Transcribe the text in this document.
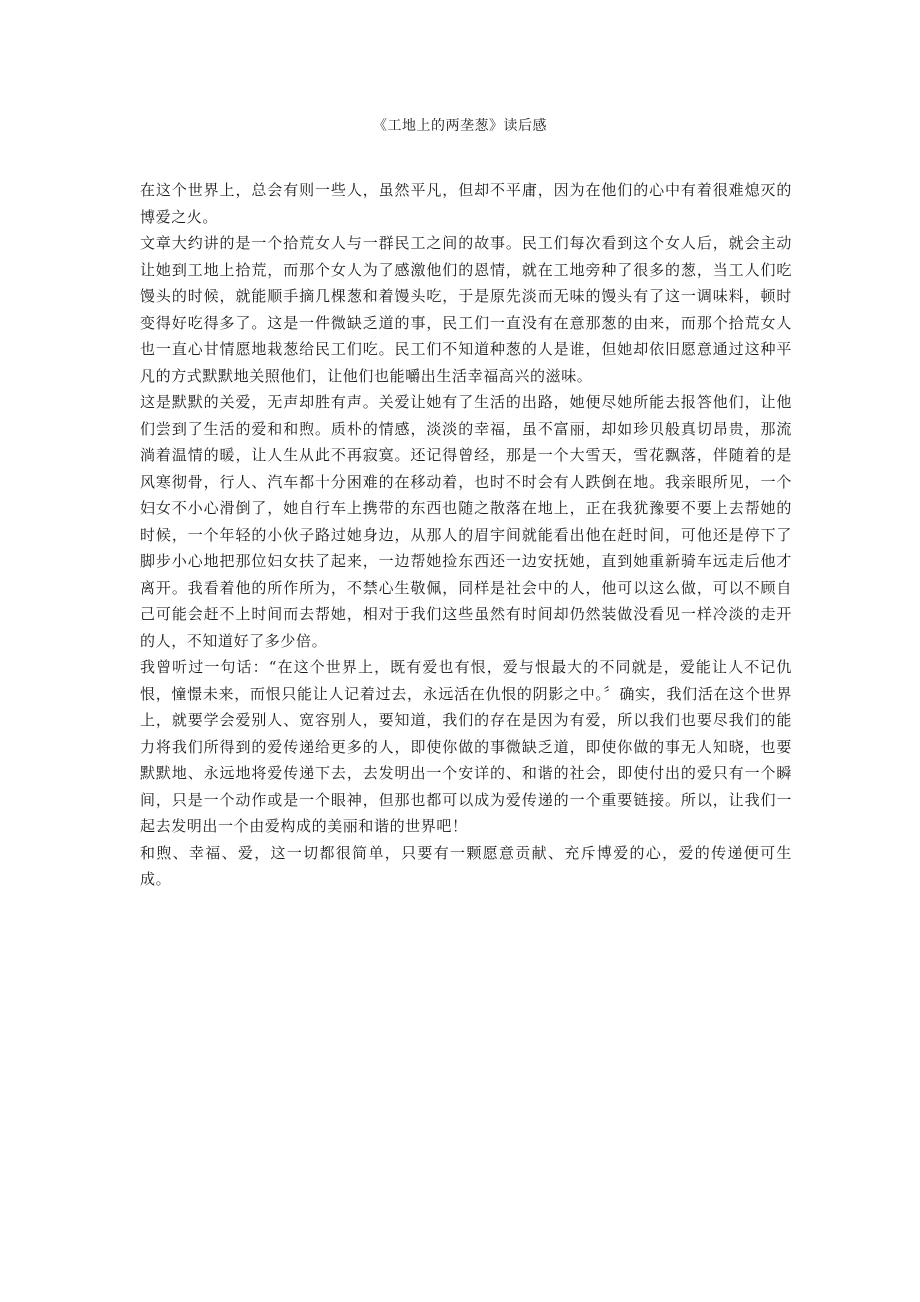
《工地上的两垄葱》读后感

在这个世界上，总会有则一些人，虽然平凡，但却不平庸，因为在他们的心中有着很难熄灭的博爱之火。

文章大约讲的是一个拾荒女人与一群民工之间的故事。民工们每次看到这个女人后，就会主动让她到工地上拾荒，而那个女人为了感激他们的恩情，就在工地旁种了很多的葱，当工人们吃馒头的时候，就能顺手摘几棵葱和着馒头吃，于是原先淡而无味的馒头有了这一调味料，顿时变得好吃得多了。这是一件微缺乏道的事，民工们一直没有在意那葱的由来，而那个拾荒女人也一直心甘情愿地栽葱给民工们吃。民工们不知道种葱的人是谁，但她却依旧愿意通过这种平凡的方式默默地关照他们，让他们也能嚼出生活幸福高兴的滋味。

这是默默的关爱，无声却胜有声。关爱让她有了生活的出路，她便尽她所能去报答他们，让他们尝到了生活的爱和和煦。质朴的情感，淡淡的幸福，虽不富丽，却如珍贝般真切昂贵，那流淌着温情的暖，让人生从此不再寂寞。还记得曾经，那是一个大雪天，雪花飘落，伴随着的是风寒彻骨，行人、汽车都十分困难的在移动着，也时不时会有人跌倒在地。我亲眼所见，一个妇女不小心滑倒了，她自行车上携带的东西也随之散落在地上，正在我犹豫要不要上去帮她的时候，一个年轻的小伙子路过她身边，从那人的眉宇间就能看出他在赶时间，可他还是停下了脚步小心地把那位妇女扶了起来，一边帮她捡东西还一边安抚她，直到她重新骑车远走后他才离开。我看着他的所作所为，不禁心生敬佩，同样是社会中的人，他可以这么做，可以不顾自己可能会赶不上时间而去帮她，相对于我们这些虽然有时间却仍然装做没看见一样冷淡的走开的人，不知道好了多少倍。

我曾听过一句话：“在这个世界上，既有爱也有恨，爱与恨最大的不同就是，爱能让人不记仇恨，憧憬未来，而恨只能让人记着过去，永远活在仇恨的阴影之中。〞确实，我们活在这个世界上，就要学会爱别人、宽容别人，要知道，我们的存在是因为有爱，所以我们也要尽我们的能力将我们所得到的爱传递给更多的人，即使你做的事微缺乏道，即使你做的事无人知晓，也要默默地、永远地将爱传递下去，去发明出一个安详的、和谐的社会，即使付出的爱只有一个瞬间，只是一个动作或是一个眼神，但那也都可以成为爱传递的一个重要链接。所以，让我们一起去发明出一个由爱构成的美丽和谐的世界吧！

和煦、幸福、爱，这一切都很简单，只要有一颗愿意贡献、充斥博爱的心，爱的传递便可生成。
